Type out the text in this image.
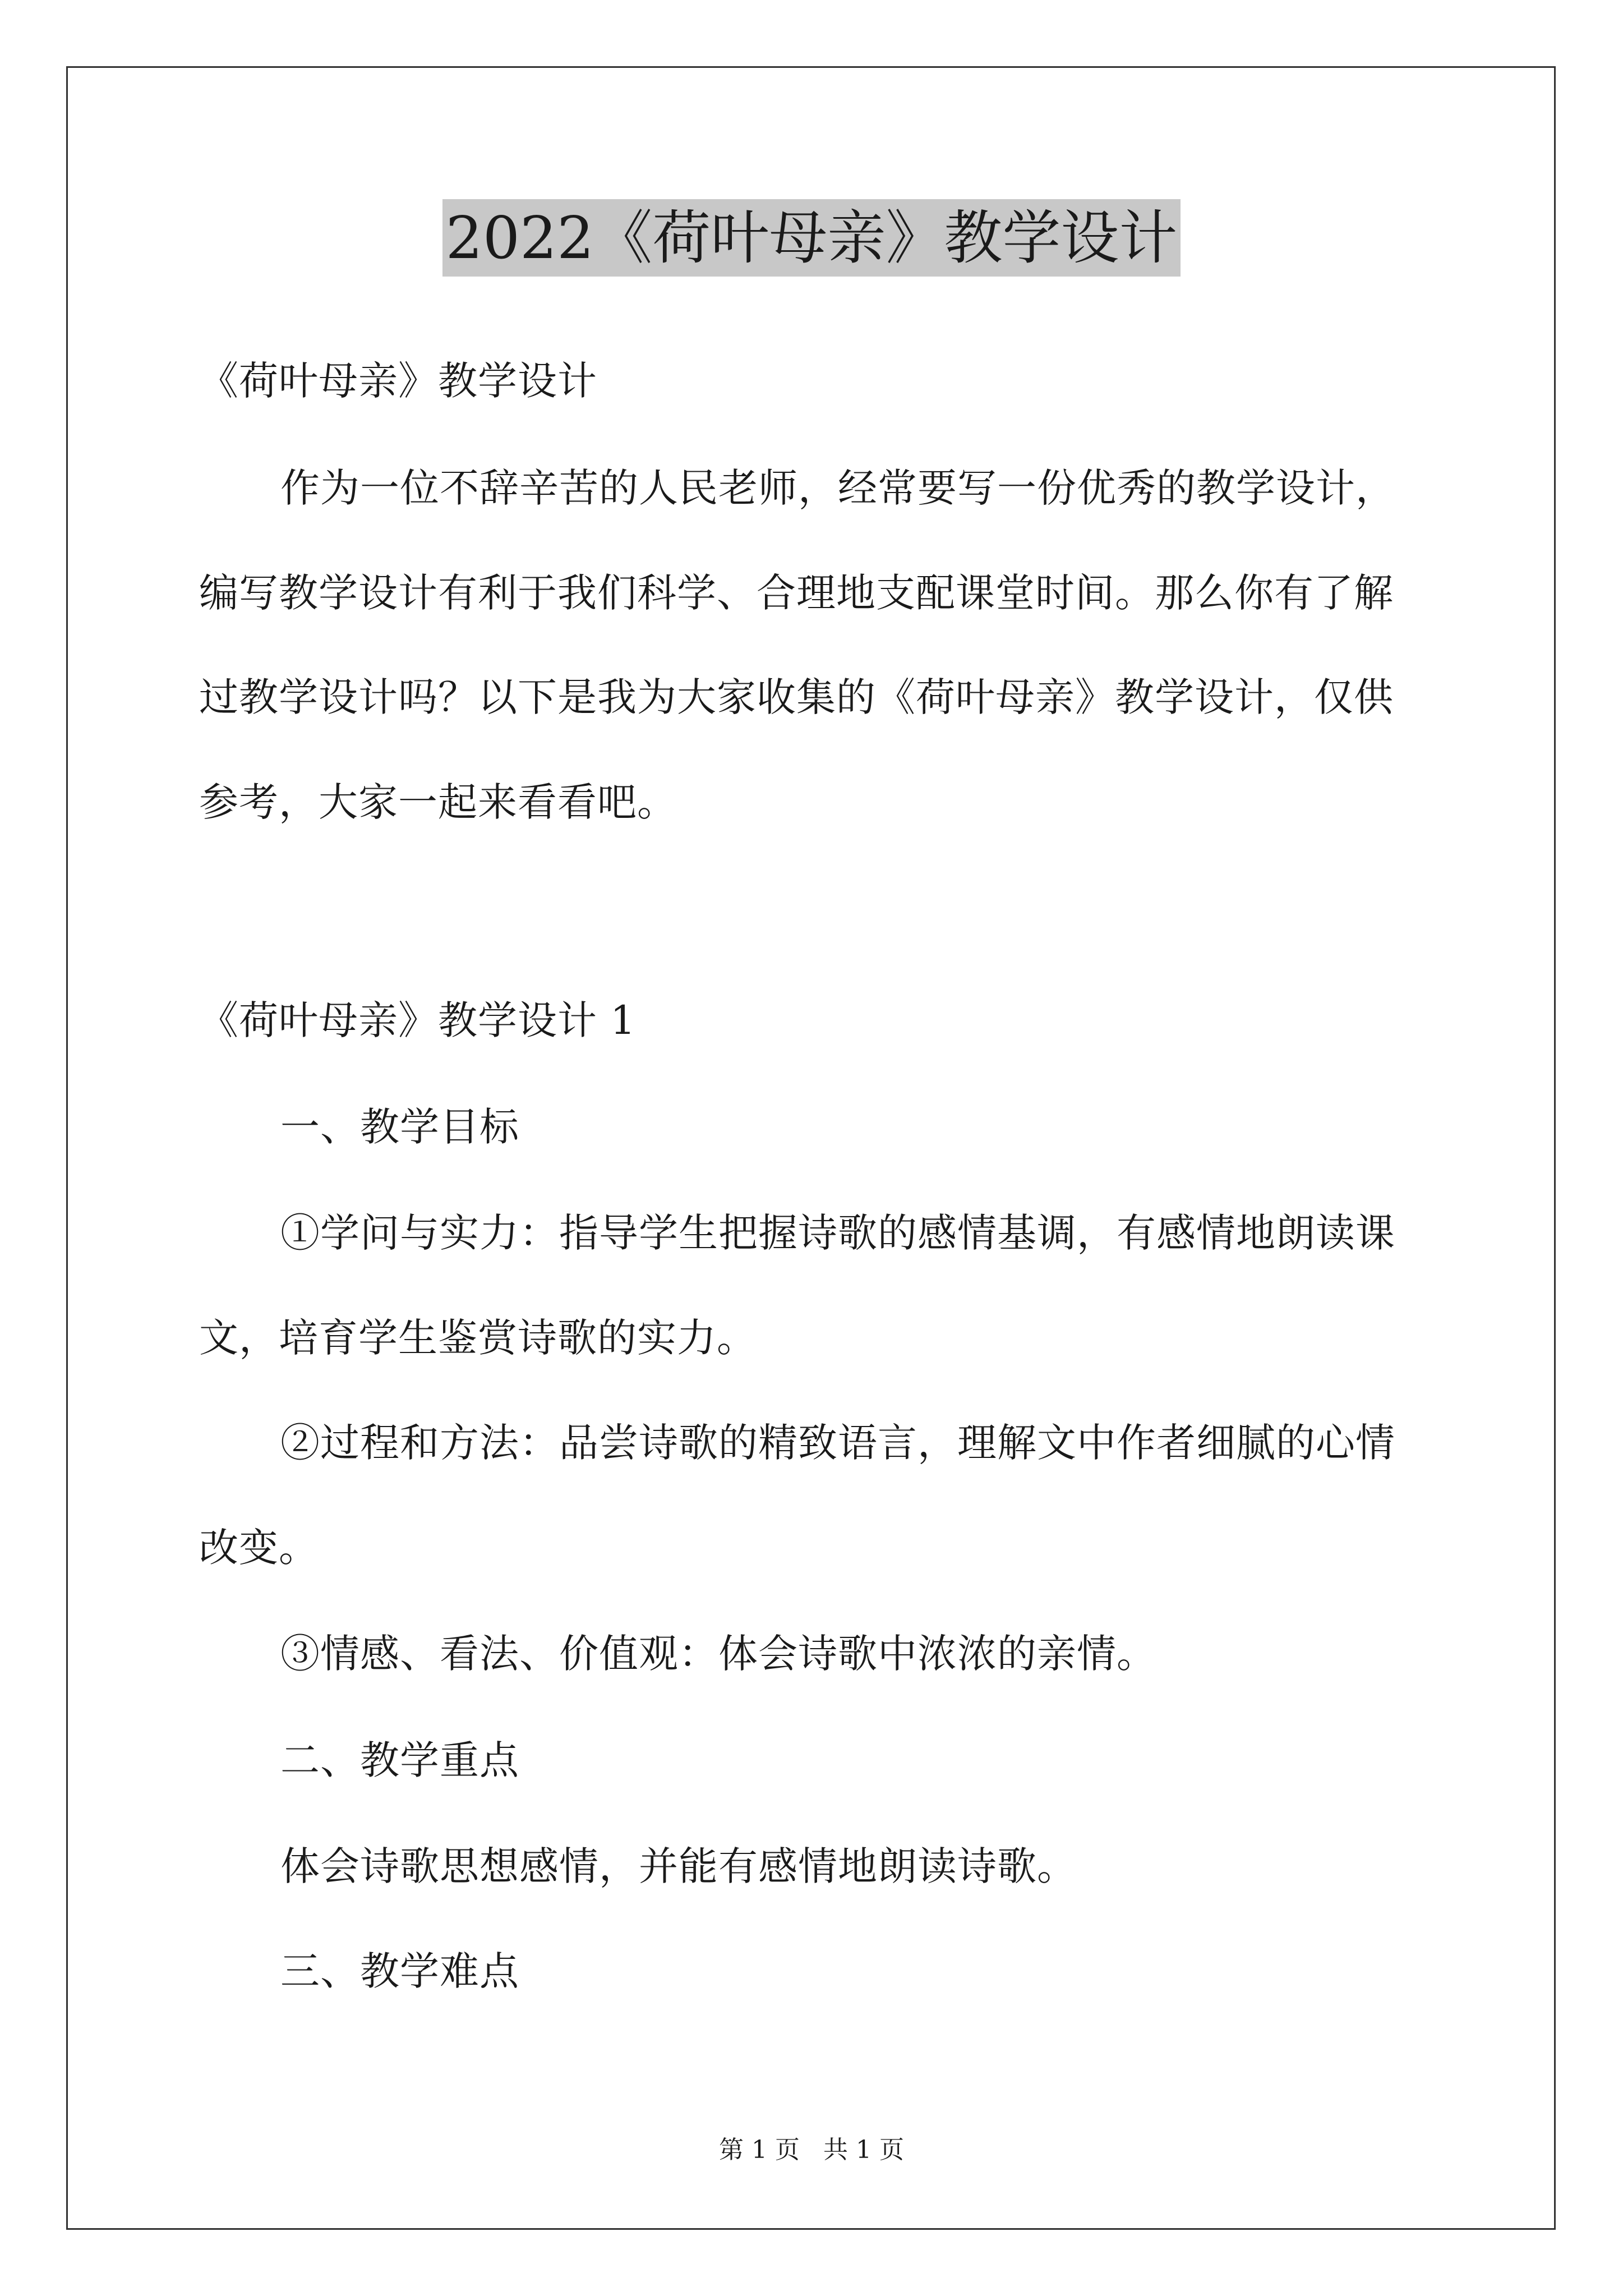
2022《荷叶母亲》教学设计
《荷叶母亲》教学设计
作为一位不辞辛苦的人民老师，经常要写一份优秀的教学设计，
编写教学设计有利于我们科学、合理地支配课堂时间。那么你有了解
过教学设计吗？以下是我为大家收集的《荷叶母亲》教学设计，仅供
参考，大家一起来看看吧。
《荷叶母亲》教学设计 1
一、教学目标
①学问与实力：指导学生把握诗歌的感情基调，有感情地朗读课
文，培育学生鉴赏诗歌的实力。
②过程和方法：品尝诗歌的精致语言，理解文中作者细腻的心情
改变。
③情感、看法、价值观：体会诗歌中浓浓的亲情。
二、教学重点
体会诗歌思想感情，并能有感情地朗读诗歌。
三、教学难点
第 1 页   共 1 页
